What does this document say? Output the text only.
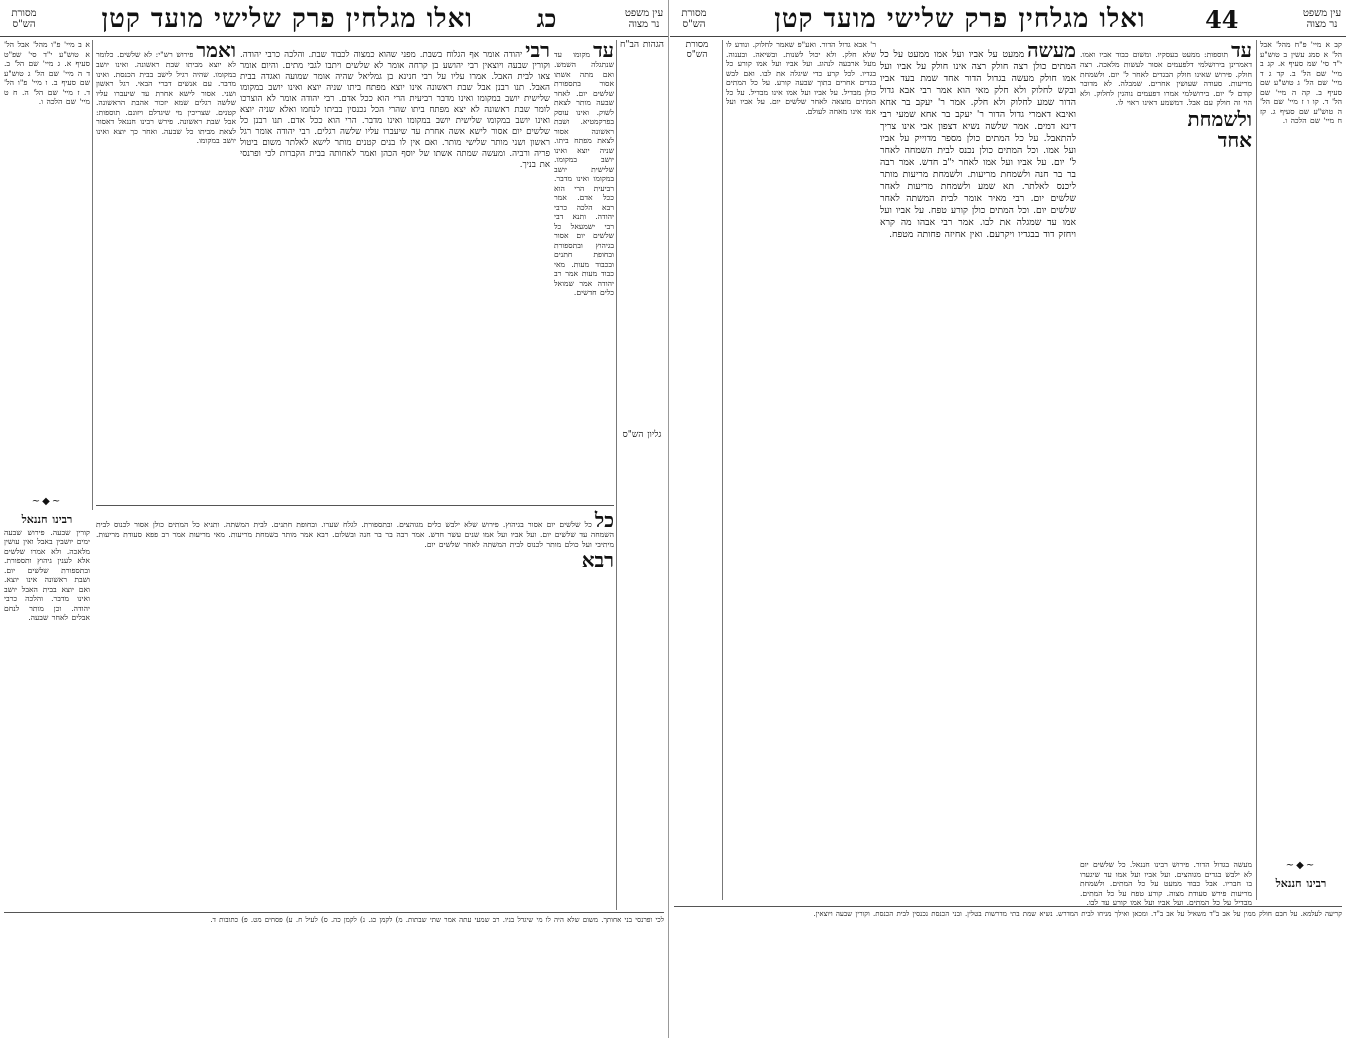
עין משפט נר מצוה
כג
ואלו מגלחין פרק שלישי מועד קטן
מסורת הש"ס

א ב מיי' פ"ו מהל' אבל הל' א טוש"ע י"ד סי' שפ"ט סעיף א. ג מיי' שם הל' ב. ד ה מיי' שם הל' ג טוש"ע שם סעיף ב. ו מיי' פ"ו הל' ד. ז מיי' שם הל' ה. ח ט מיי' שם הלכה ו.

ואמרפירוש רש"י: לא שלשים. כלומר לא יוצא מביתו שבת ראשונה. ואינו יושב במקומו. שהיה רגיל לישב בבית הכנסת. ואינו מדבר. עם אנשים דברי הבאי. רגל ראשון ושני. אסור לישא אחרת עד שיעברו עליו שלשה רגלים שמא יזכור אהבת הראשונה. קטנים. שצריכין מי שיגדלם ויזונם. תוספות: אבל שבת ראשונה. פירש רבינו חננאל דאסור לצאת מביתו כל שבעה. ואחר כך יוצא ואינו יושב במקומו.

רבייהודה אומר אף הגלוח בשבת. מפני שהוא כמצוה לכבוד שבת. והלכה כרבי יהודה. וקורין שבעה ויוצאין רבי יהושע בן קרחה אומר לא שלשים ויתבו לגבי מתים. והיום אומר צאו לבית האבל. אמרו עליו על רבי חנינא בן גמליאל שהיה אומר שמועה ואגדה בבית האבל. תנו רבנן אבל שבת ראשונה אינו יוצא מפתח ביתו שניה יוצא ואינו יושב במקומו שלישית יושב במקומו ואינו מדבר רביעית הרי הוא ככל אדם. רבי יהודה אומר לא הוצרכו לומר שבת ראשונה לא יצא מפתח ביתו שהרי הכל נכנסין בביתו לנחמו ואלא שניה יוצא ואינו יושב במקומו שלישית יושב במקומו ואינו מדבר. הרי הוא ככל אדם. תנו רבנן כל שלשים יום אסור לישא אשה אחרת עד שיעברו עליו שלשה רגלים. רבי יהודה אומר רגל ראשון ושני מותר שלישי מותר. ואם אין לו בנים קטנים מותר לישא לאלתר משום ביטול פריה ורביה. ומעשה שמתה אשתו של יוסף הכהן ואמר לאחותה בבית הקברות לכי ופרנסי את בניך.

עדמקומו עד שנתגלה השמש. ואם מתה אשתו אסור בתספורת שלשים יום. לאחר שבעה מותר לצאת לשוק. ואינו עוסק בפרקמטיא. ושבת ראשונה אסור לצאת מפתח ביתו. שניה יוצא ואינו יושב במקומו. שלישית יושב במקומו ואינו מדבר. רביעית הרי הוא ככל אדם. אמר רבא הלכה כרבי יהודה. ותנא דבי רבי ישמעאל כל שלשים יום אסור בגיהוץ ובתספורת ובחופת חתנים ובכבוד מעות. מאי כבוד מעות אמר רב יהודה אמר שמואל כלים חדשים.

הגהות הב"ח
גליון הש"ס

כלכל שלשים יום אסור בגיהוץ. פירוש שלא ילבש כלים מגוהצים. ובתספורת. לגלח שערו. ובחופת חתנים. לבית המשתה. ותניא כל המתים כולן אסור לכנוס לבית השמחה עד שלשים יום. ועל אביו ועל אמו שנים עשר חדש. אמר רבה בר בר חנה ובשלום. רבא אמר מותר בשמחת מריעות. מאי מריעות אמר רב פפא סעודת מריעות. מיתיבי ועל כולם מותר לכנוס לבית המשתה לאחר שלשים יום.

רבא

~◆~
רבינו חננאל

קורין שבעה. פירוש שבעה ימים יושבין באבל ואין עושין מלאכה. ולא אמרו שלשים אלא לענין גיהוץ ותספורת. ובתספורת שלשים יום. ושבת ראשונה אינו יוצא. ואם יוצא בבית האבל יושב ואינו מדבר. והלכה כרבי יהודה. וכן מותר לנחם אבלים לאחר שבעה.

לכי ופרנסי בני אחותך. משום שלא היה לו מי שיגדל בניו. רב שמעי עתה אמר שתי שבתות. מ) לקמן כג. נ) לקמן כה. ס) לעיל ח. ע) פסחים מט. פ) כתובות ד.

עין משפט נר מצוה
44
ואלו מגלחין פרק שלישי מועד קטן
מסורת הש"ס

קב א מיי' פ"ח מהל' אבל הל' א סמג עשין ב טוש"ע י"ד סי' שמ סעיף א. קג ב מיי' שם הל' ב. קד ג ד מיי' שם הל' ג טוש"ע שם סעיף ב. קה ה מיי' שם הל' ד. קו ו ז מיי' שם הל' ה טוש"ע שם סעיף ג. קז ח מיי' שם הלכה ו.

עדתוספות: ממעט בעסקיו. ומשום כבוד אביו ואמו. דאמרינן בירושלמי דלפעמים אסור לעשות מלאכה. רצה חולק. פירוש שאינו חולק הבגדים לאחר ל' יום. ולשמחת מריעות. סעודה שעושין אחרים. שמבלה. לא מדובר קודם ל' יום. בירושלמי אמרו דפעמים נוהגין לחלוק. ולא הוי זה חולק עם אבל. דמשמע דאינו ראוי לו.

ולשמחת

אחד

מעשהממעט על אביו ועל אמו ממעט על כל המתים כולן רצה חולק רצה אינו חולק על אביו ועל אמו חולק מעשה בגדול הדור אחד שמת בעד אביו ובקש לחלוק ולא חלק מאי הוא אמר רבי אבא גדול הדור שמע לחלוק ולא חלק. אמר ר' יעקב בר אחא ואיבא דאמרי גדול הדור ר' יעקב בר אחא שמעי רבי דינא דמים. אמר שלשה נשיא דצפון אבי אינו צריך להתאבל. על כל המתים כולן מספר מדוייק על אביו ועל אמו. וכל המתים כולן נכנס לבית השמחה לאחר ל' יום. על אביו ועל אמו לאחר י"ב חדש. אמר רבה בר בר חנה ולשמחת מריעות. ולשמחת מריעות מותר ליכנס לאלתר. תא שמע ולשמחת מריעות לאחר שלשים יום. רבי מאיר אומר לבית המשתה לאחר שלשים יום. וכל המתים כולן קורע טפח. על אביו ועל אמו עד שמגלה את לבו. אמר רבי אבהו מה קרא ויחזק דוד בבגדיו ויקרעם. ואין אחיזה פחותה מטפח.

ר' אבא גדול הדור. ואע"פ שאמר לחלוק. ונודע לו שלא חלק. ולא יכול לשנות. ובשיאה. ובענוה. מעל ארבעה לנהוג. ועל אביו ועל אמו קורע כל בגדיו. לכל קרע כדי שיגלה את לבו. ואם לבש בגדים אחרים בתוך שבעה קורע. על כל המתים כולן מבדיל. על אביו ועל אמו אינו מבדיל. על כל המתים מוצאה לאחר שלשים יום. על אביו ועל אמו אינו מאחה לעולם.

מסורת הש"ס
~◆~
רבינו חננאל

מעשה בגדול הדור. פירוש רבינו חננאל. כל שלשים יום לא ילבש בגדים מגוהצים. ועל אביו ועל אמו עד שיגערו בו חבריו. אבל כבוד ממעט על כל המתים. ולשמחת מריעות פירש סעודת מצוה. קורע טפח על כל המתים. מבדיל על כל המתים. ועל אביו ועל אמו קורע עד לבו.

קריעה לעלמא. על חבם חולק ממין על אב ב"ד משאיל על אב ב"ד. ומכאן ואילך מניחו לבית המדרש. נשיא שמת בתי מדרשות בטלין. ובני הכנסת נכנסין לבית הכנסת. וקורין שבעה ויוצאין.
